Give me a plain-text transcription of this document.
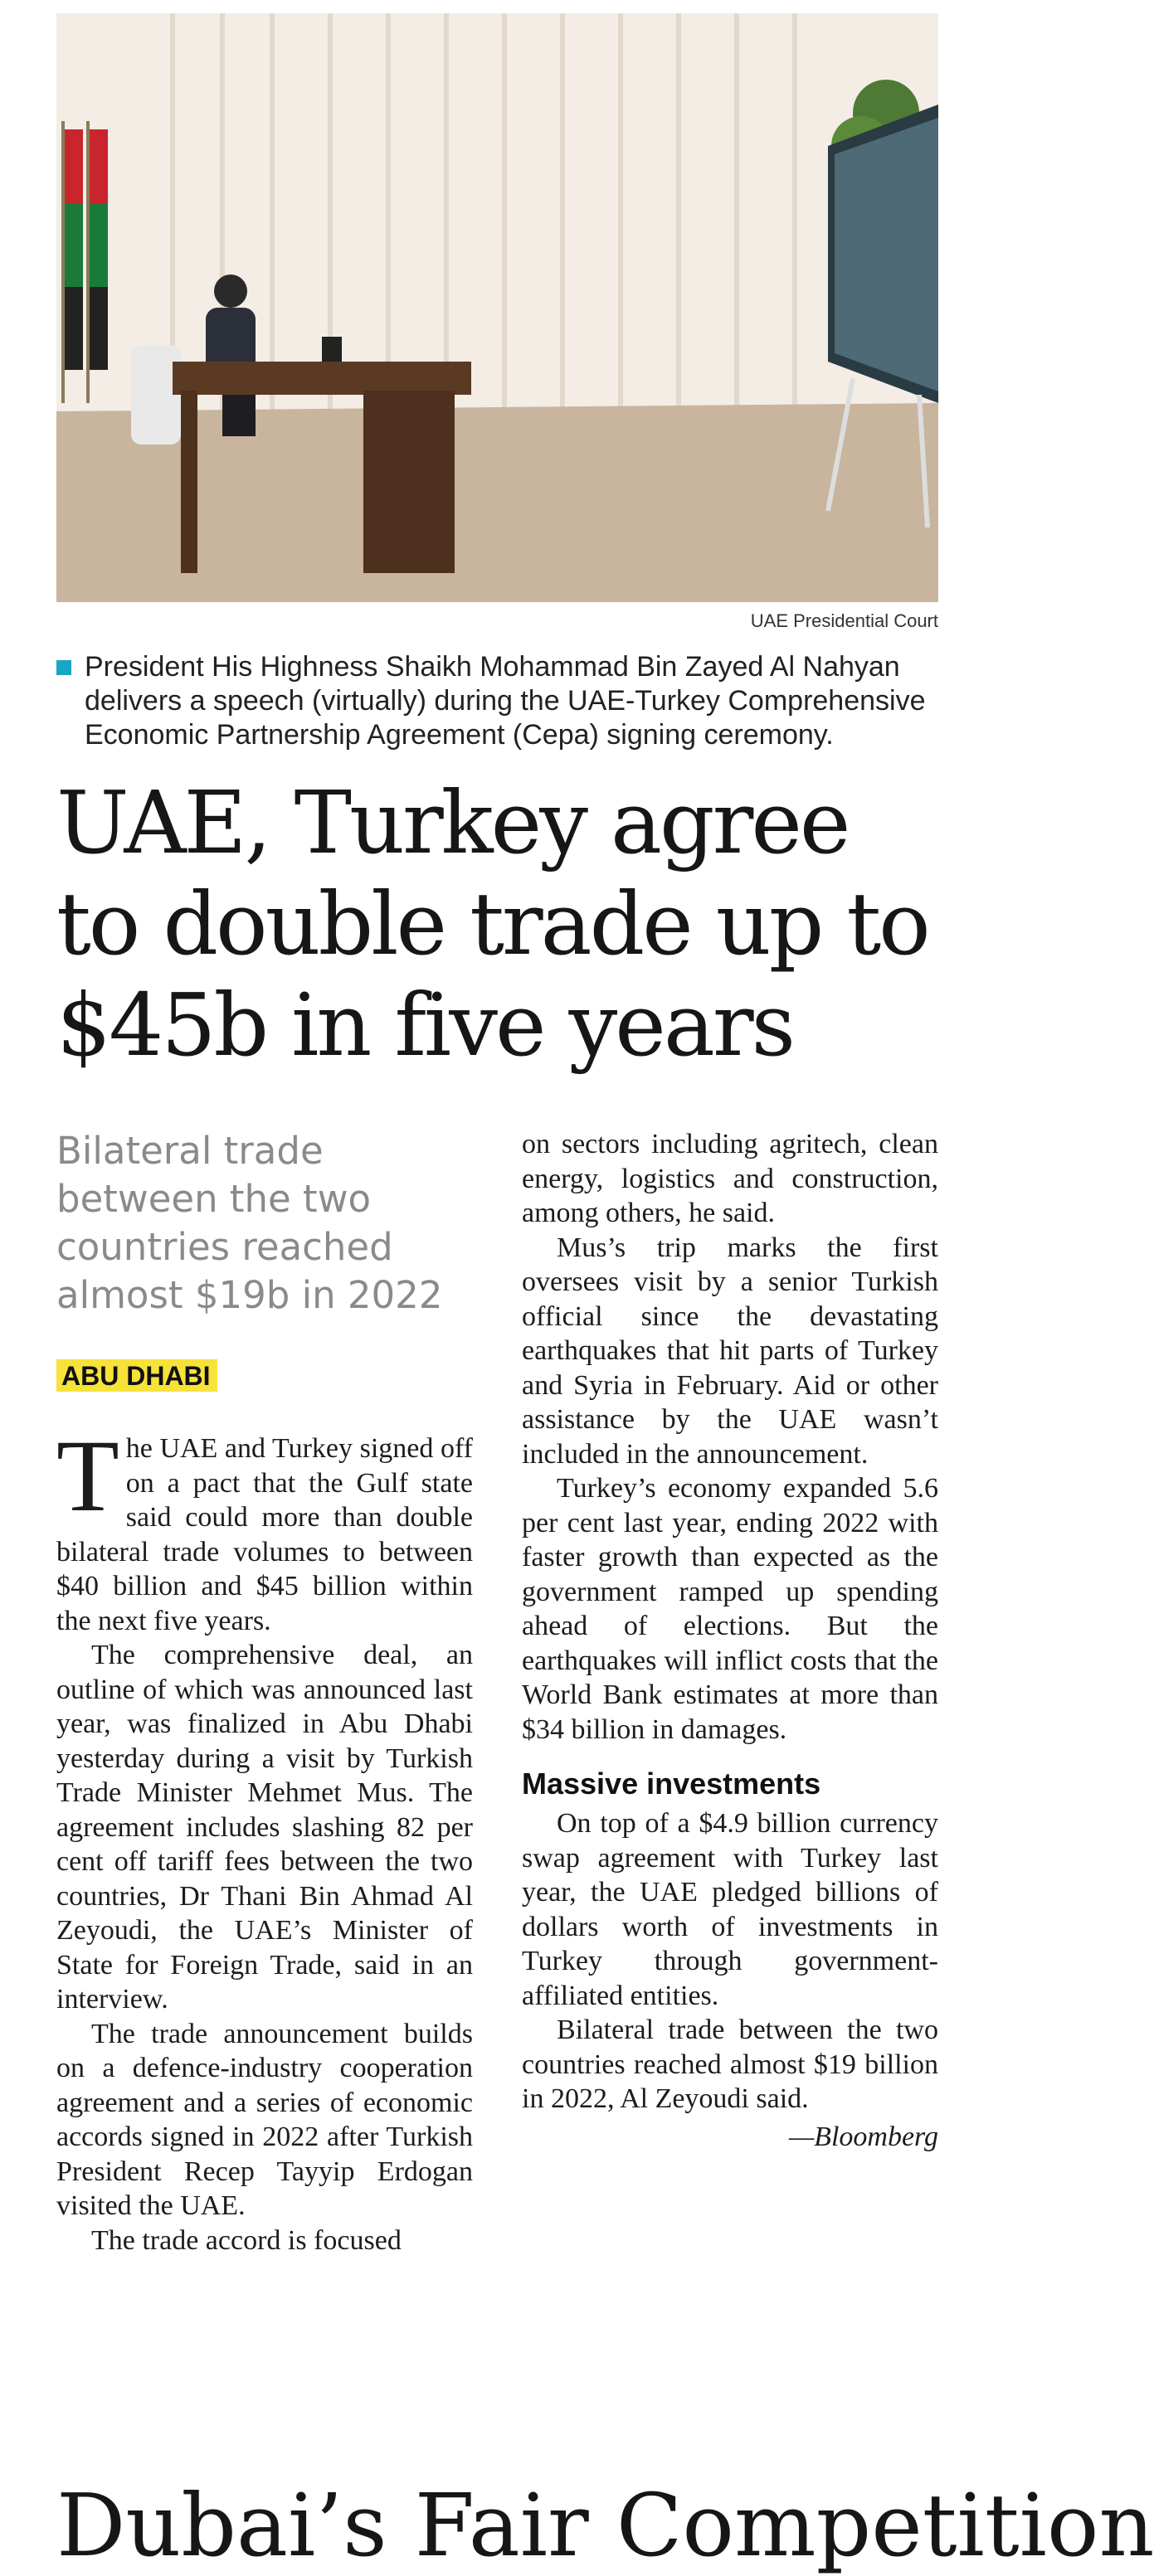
UAE Presidential Court
President His Highness Shaikh Mohammad Bin Zayed Al Nahyan delivers a speech (virtually) during the UAE-Turkey Comprehensive Economic Partnership Agreement (Cepa) signing ceremony.
UAE, Turkey agree to double trade up to $45b in five years

Bilateral trade between the two countries reached almost $19b in 2022

ABU DHABI

T he UAE and Turkey signed off on a pact that the Gulf state said could more than double bilateral trade volumes to between $40 billion and $45 billion within the next five years.

The comprehensive deal, an outline of which was announced last year, was finalized in Abu Dhabi yesterday during a visit by Turkish Trade Minister Mehmet Mus. The agreement includes slashing 82 per cent off tariff fees between the two countries, Dr Thani Bin Ahmad Al Zeyoudi, the UAE’s Minister of State for Foreign Trade, said in an interview.

The trade announcement builds on a defence-industry cooperation agreement and a series of economic accords signed in 2022 after Turkish President Recep Tayyip Erdogan visited the UAE.

The trade accord is focused

on sectors including agritech, clean energy, logistics and construction, among others, he said.

Mus’s trip marks the first oversees visit by a senior Turkish official since the devastating earthquakes that hit parts of Turkey and Syria in February. Aid or other assistance by the UAE wasn’t included in the announcement.

Turkey’s economy expanded 5.6 per cent last year, ending 2022 with faster growth than expected as the government ramped up spending ahead of elections. But the earthquakes will inflict costs that the World Bank estimates at more than $34 billion in damages.

Massive investments

On top of a $4.9 billion currency swap agreement with Turkey last year, the UAE pledged billions of dollars worth of investments in Turkey through government-affiliated entities.

Bilateral trade between the two countries reached almost $19 billion in 2022, Al Zeyoudi said.

—Bloomberg
Dubai’s Fair Competition
